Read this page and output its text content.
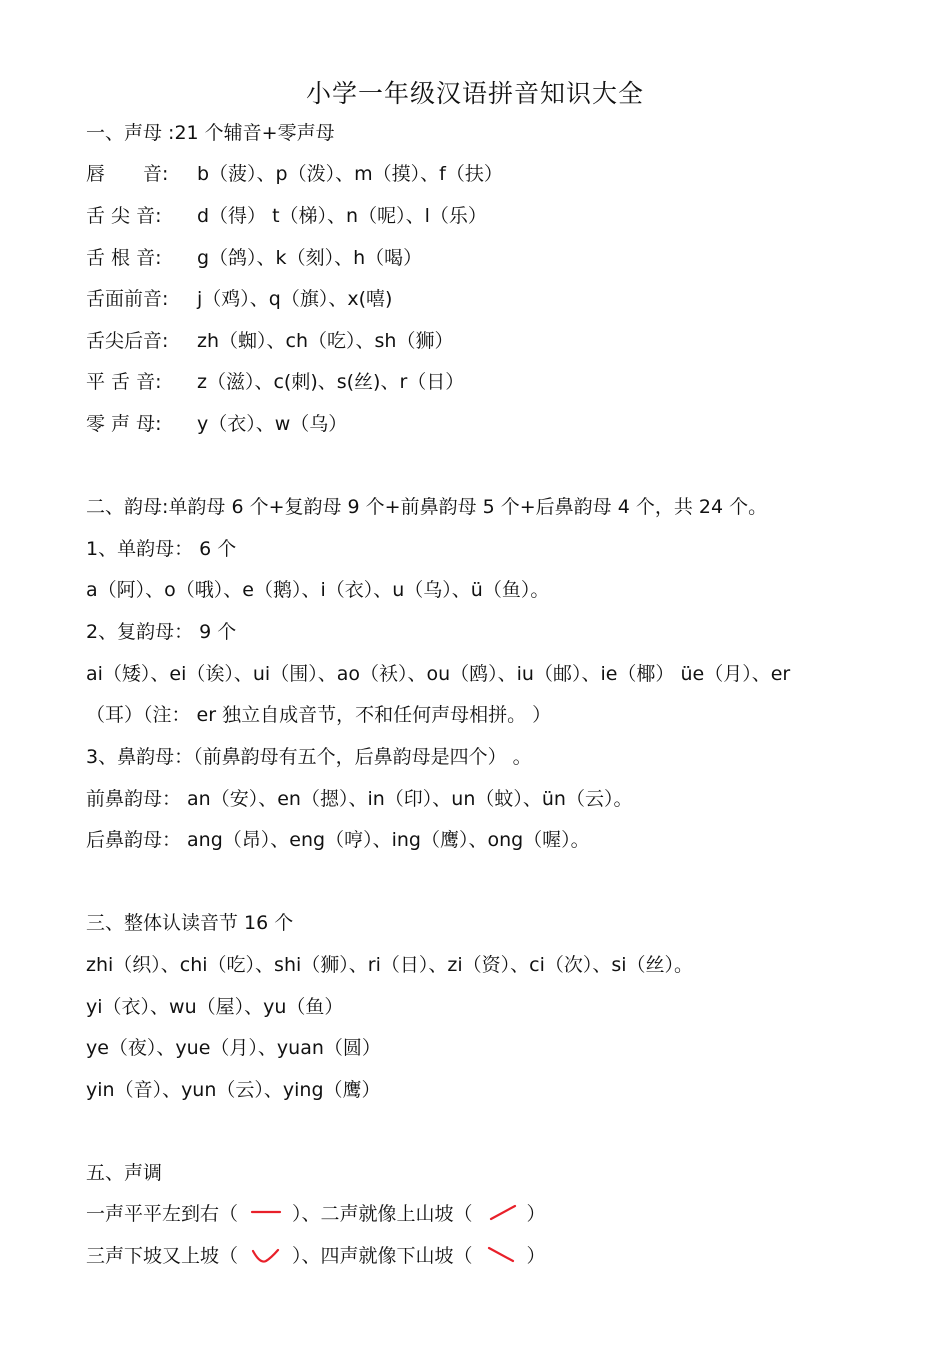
小学一年级汉语拼音知识大全
一、声母 :21 个辅音+零声母
唇　　音: b（菠）、p（泼）、m（摸）、f（扶）
舌 尖 音: d（得） t（梯）、n（呢）、l（乐）
舌 根 音: g（鸽）、k（刻）、h（喝）
舌面前音: j（鸡）、q（旗）、x(嘻)
舌尖后音: zh（蜘）、ch（吃）、sh（狮）
平 舌 音: z（滋）、c(刺)、s(丝)、r（日）
零 声 母: y（衣）、w（乌）
二、韵母:单韵母 6 个+复韵母 9 个+前鼻韵母 5 个+后鼻韵母 4 个，共 24 个。
1、单韵母： 6 个
a（阿）、o（哦）、e（鹅）、i（衣）、u（乌）、ü（鱼）。
2、复韵母： 9 个
ai（矮）、ei（诶）、ui（围）、ao（袄）、ou（鸥）、iu（邮）、ie（椰） üe（月）、er
（耳）（注： er 独立自成音节，不和任何声母相拼。 ）
3、鼻韵母：（前鼻韵母有五个，后鼻韵母是四个） 。
前鼻韵母： an（安）、en（摁）、in（印）、un（蚊）、ün（云）。
后鼻韵母： ang（昂）、eng（哼）、ing（鹰）、ong（喔）。
三、整体认读音节 16 个
zhi（织）、chi（吃）、shi（狮）、ri（日）、zi（资）、ci（次）、si（丝）。
yi（衣）、wu（屋）、yu（鱼）
ye（夜）、yue（月）、yuan（圆）
yin（音）、yun（云）、ying（鹰）
五、声调
一声平平左到右（	）、二声就像上山坡（	）
三声下坡又上坡（	）、四声就像下山坡（	）
